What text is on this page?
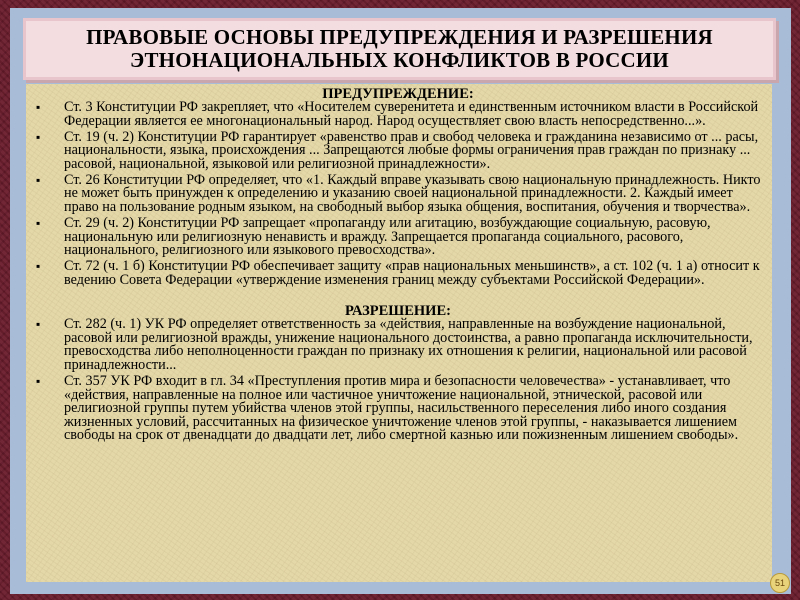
ПРАВОВЫЕ ОСНОВЫ ПРЕДУПРЕЖДЕНИЯ И РАЗРЕШЕНИЯ
ЭТНОНАЦИОНАЛЬНЫХ КОНФЛИКТОВ В РОССИИ

ПРЕДУПРЕЖДЕНИЕ:

▪ Ст. 3 Конституции РФ закрепляет, что «Носителем суверенитета и единственным источником власти в Российской Федерации является ее многонациональный народ. Народ осуществляет свою власть непосредственно...».
▪ Ст. 19 (ч. 2) Конституции РФ гарантирует «равенство прав и свобод человека и гражданина независимо от ... расы, национальности, языка, происхождения ... Запрещаются любые формы ограничения прав граждан по признаку ... расовой, национальной, языковой или религиозной принадлежности».
▪ Ст. 26 Конституции РФ определяет, что «1. Каждый вправе указывать свою национальную принадлежность. Никто не может быть принужден к определению и указанию своей национальной принадлежности. 2. Каждый имеет право на пользование родным языком, на свободный выбор языка общения, воспитания, обучения и творчества».
▪ Ст. 29 (ч. 2) Конституции РФ запрещает «пропаганду или агитацию, возбуждающие социальную, расовую, национальную или религиозную ненависть и вражду. Запрещается пропаганда социального, расового, национального, религиозного или языкового превосходства».
▪ Ст. 72 (ч. 1 б) Конституции РФ обеспечивает защиту «прав национальных меньшинств», а ст. 102 (ч. 1 а) относит к ведению Совета Федерации «утверждение изменения границ между субъектами Российской Федерации».

РАЗРЕШЕНИЕ:

▪ Ст. 282 (ч. 1) УК РФ определяет ответственность за «действия, направленные на возбуждение национальной, расовой или религиозной вражды, унижение национального достоинства, а равно пропаганда исключительности, превосходства либо неполноценности граждан по признаку их отношения к религии, национальной или расовой принадлежности...
▪ Ст. 357 УК РФ входит в гл. 34 «Преступления против мира и безопасности человечества» - устанавливает, что «действия, направленные на полное или частичное уничтожение национальной, этнической, расовой или религиозной группы путем убийства членов этой группы, насильственного переселения либо иного создания жизненных условий, рассчитанных на физическое уничтожение членов этой группы, - наказывается лишением свободы на срок от двенадцати до двадцати лет, либо смертной казнью или пожизненным лишением свободы».
51
